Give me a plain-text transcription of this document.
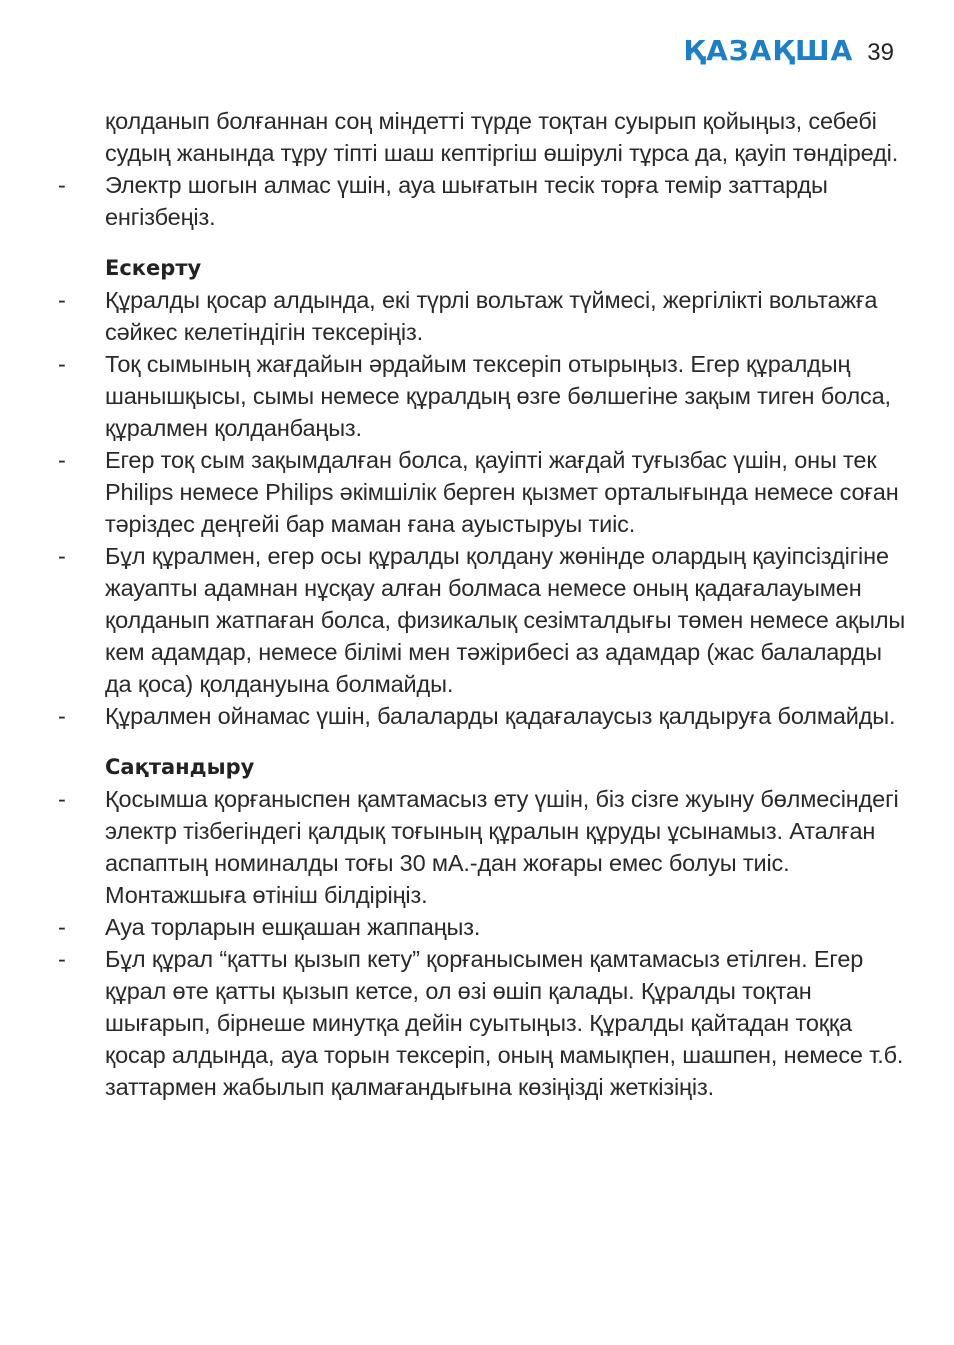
ҚАЗАҚША 39
қолданып болғаннан соң міндетті түрде тоқтан суырып қойыңыз, себебі судың жанында тұру тіпті шаш кептіргіш өшірулі тұрса да, қауіп төндіреді.
-	Электр шогын алмас үшін, ауа шығатын тесік торға темір заттарды енгізбеңіз.
Ескерту
-	Құралды қосар алдында, екі түрлі вольтаж түймесі, жергілікті вольтажға сәйкес келетіндігін тексеріңіз.
-	Тоқ сымының жағдайын әрдайым тексеріп отырыңыз. Егер құралдың шанышқысы, сымы немесе құралдың өзге бөлшегіне зақым тиген болса, құралмен қолданбаңыз.
-	Егер тоқ сым зақымдалған болса, қауіпті жағдай туғызбас үшін, оны тек Philips немесе Philips әкімшілік берген қызмет орталығында немесе соған тәріздес деңгейі бар маман ғана ауыстыруы тиіс.
-	Бұл құралмен, егер осы құралды қолдану жөнінде олардың қауіпсіздігіне жауапты адамнан нұсқау алған болмаса немесе оның қадағалауымен қолданып жатпаған болса, физикалық сезімталдығы төмен немесе ақылы кем адамдар, немесе білімі мен тәжірибесі аз адамдар (жас балаларды да қоса) қолдануына болмайды.
-	Құралмен ойнамас үшін, балаларды қадағалаусыз қалдыруға болмайды.
Сақтандыру
-	Қосымша қорғаныспен қамтамасыз ету үшін, біз сізге жуыну бөлмесіндегі электр тізбегіндегі қалдық тоғының құралын құруды ұсынамыз. Аталған аспаптың номиналды тоғы 30 мА.-дан жоғары емес болуы тиіс. Монтажшыға өтініш білдіріңіз.
-	Ауа торларын ешқашан жаппаңыз.
-	Бұл құрал “қатты қызып кету” қорғанысымен қамтамасыз етілген. Егер құрал өте қатты қызып кетсе, ол өзі өшіп қалады. Құралды тоқтан шығарып, бірнеше минутқа дейін суытыңыз. Құралды қайтадан тоққа қосар алдында, ауа торын тексеріп, оның мамықпен, шашпен, немесе т.б. заттармен жабылып қалмағандығына көзіңізді жеткізіңіз.
